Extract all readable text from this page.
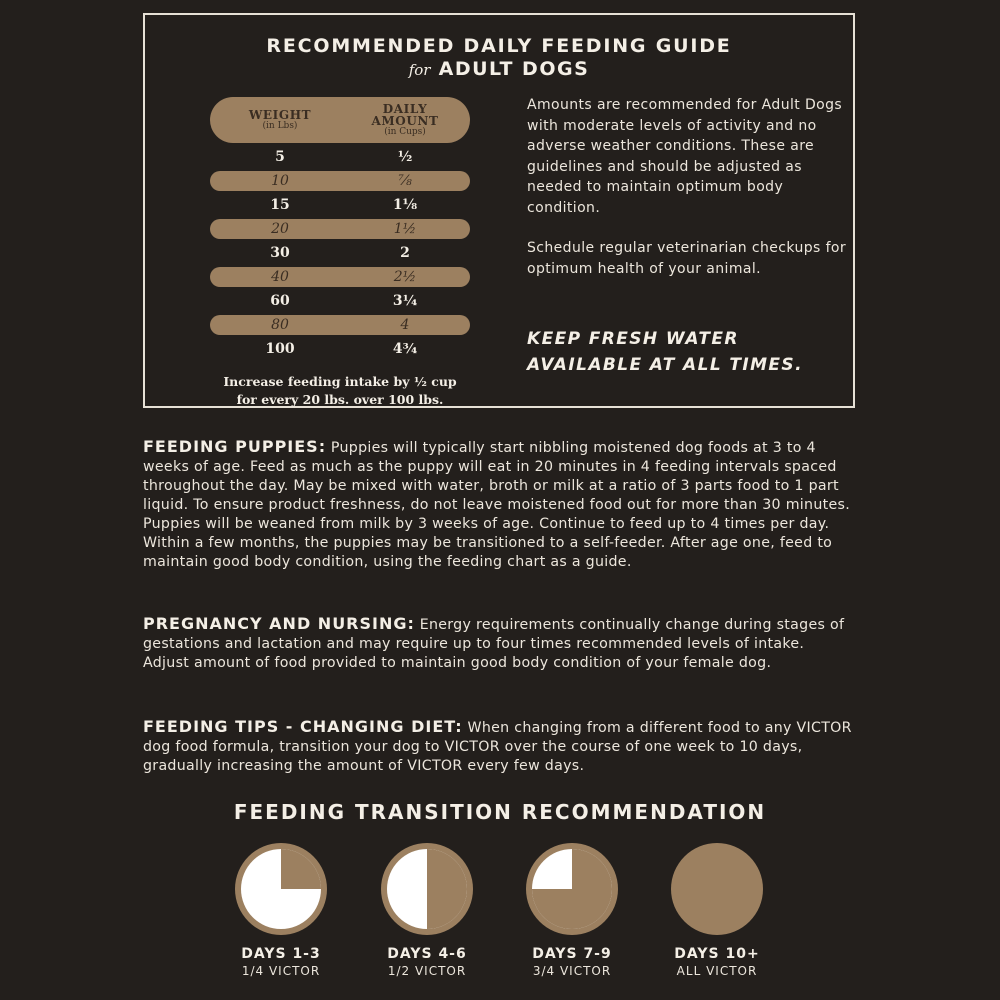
RECOMMENDED DAILY FEEDING GUIDE
for ADULT DOGS
WEIGHT
(in Lbs)
DAILY AMOUNT
(in Cups)
5	½
10	⅞
15	1⅛
20	1½
30	2
40	2½
60	3¼
80	4
100	4¾
Increase feeding intake by ½ cup
for every 20 lbs. over 100 lbs.

Amounts are recommended for Adult Dogs with moderate levels of activity and no adverse weather conditions. These are guidelines and should be adjusted as needed to maintain optimum body condition.

Schedule regular veterinarian checkups for optimum health of your animal.

KEEP FRESH WATER
AVAILABLE AT ALL TIMES.
FEEDING PUPPIES: Puppies will typically start nibbling moistened dog foods at 3 to 4 weeks of age. Feed as much as the puppy will eat in 20 minutes in 4 feeding intervals spaced throughout the day. May be mixed with water, broth or milk at a ratio of 3 parts food to 1 part liquid. To ensure product freshness, do not leave moistened food out for more than 30 minutes. Puppies will be weaned from milk by 3 weeks of age. Continue to feed up to 4 times per day. Within a few months, the puppies may be transitioned to a self-feeder. After age one, feed to maintain good body condition, using the feeding chart as a guide.
PREGNANCY AND NURSING: Energy requirements continually change during stages of gestations and lactation and may require up to four times recommended levels of intake. Adjust amount of food provided to maintain good body condition of your female dog.
FEEDING TIPS - CHANGING DIET: When changing from a different food to any VICTOR dog food formula, transition your dog to VICTOR over the course of one week to 10 days, gradually increasing the amount of VICTOR every few days.
FEEDING TRANSITION RECOMMENDATION
DAYS 1-3
1/4 VICTOR
DAYS 4-6
1/2 VICTOR
DAYS 7-9
3/4 VICTOR
DAYS 10+
ALL VICTOR
